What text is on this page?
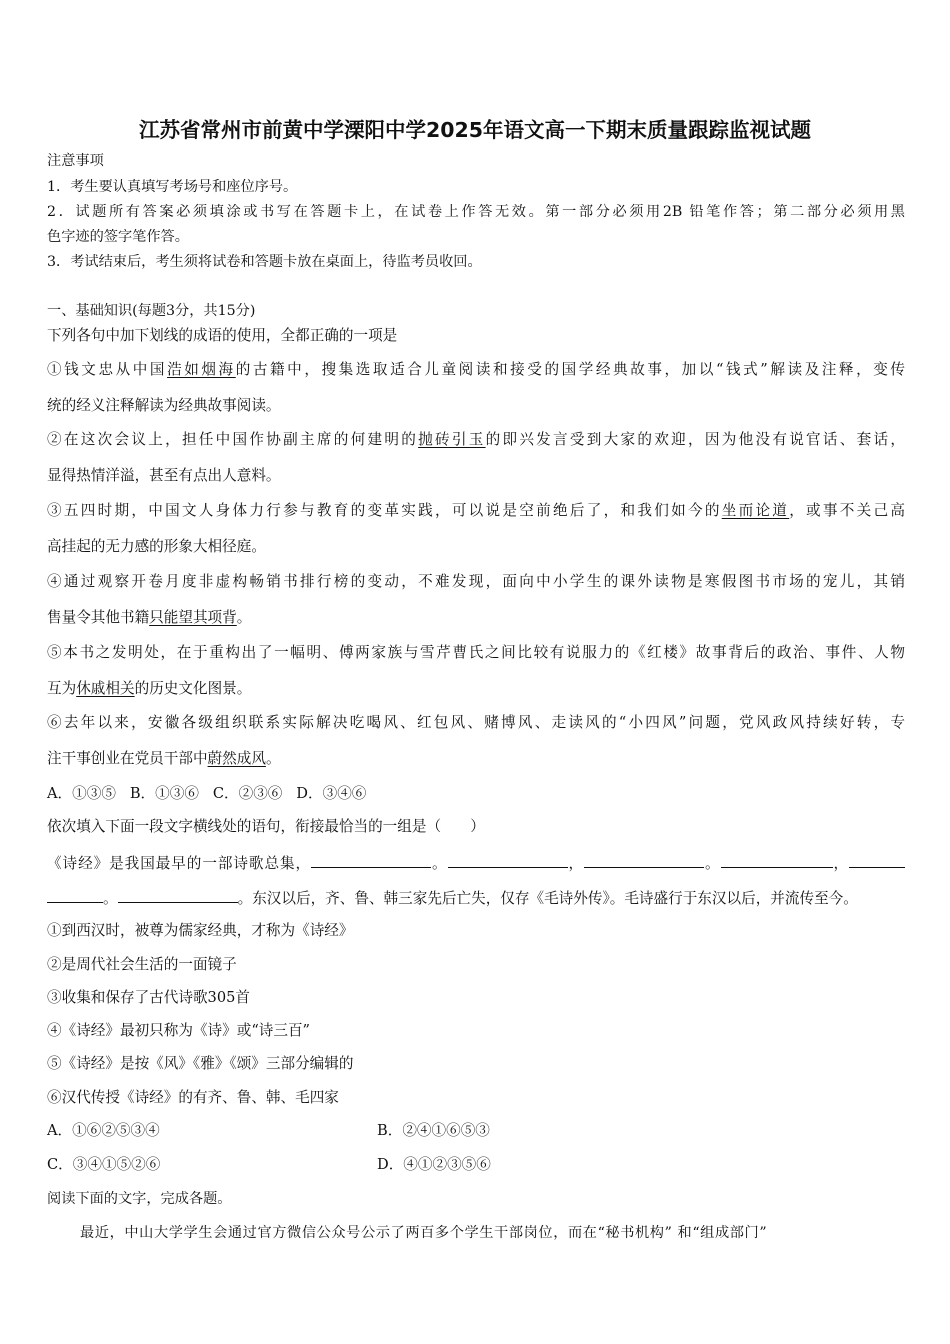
江苏省常州市前黄中学溧阳中学2025年语文高一下期末质量跟踪监视试题
注意事项
1．考生要认真填写考场号和座位序号。
2．试题所有答案必须填涂或书写在答题卡上，在试卷上作答无效。第一部分必须用2B 铅笔作答；第二部分必须用黑
色字迹的签字笔作答。
3．考试结束后，考生须将试卷和答题卡放在桌面上，待监考员收回。
一、基础知识(每题3分，共15分)
下列各句中加下划线的成语的使用，全都正确的一项是
①钱文忠从中国浩如烟海的古籍中，搜集选取适合儿童阅读和接受的国学经典故事，加以“钱式”解读及注释，变传
统的经义注释解读为经典故事阅读。
②在这次会议上，担任中国作协副主席的何建明的抛砖引玉的即兴发言受到大家的欢迎，因为他没有说官话、套话，
显得热情洋溢，甚至有点出人意料。
③五四时期，中国文人身体力行参与教育的变革实践，可以说是空前绝后了，和我们如今的坐而论道，或事不关己高
高挂起的无力感的形象大相径庭。
④通过观察开卷月度非虚构畅销书排行榜的变动，不难发现，面向中小学生的课外读物是寒假图书市场的宠儿，其销
售量令其他书籍只能望其项背。
⑤本书之发明处，在于重构出了一幅明、傅两家族与雪芹曹氏之间比较有说服力的《红楼》故事背后的政治、事件、人物
互为休戚相关的历史文化图景。
⑥去年以来，安徽各级组织联系实际解决吃喝风、红包风、赌博风、走读风的“小四风”问题，党风政风持续好转，专
注干事创业在党员干部中蔚然成风。
A．①③⑤   B．①③⑥   C．②③⑥   D．③④⑥
依次填入下面一段文字横线处的语句，衔接最恰当的一组是（　　）
《诗经》是我国最早的一部诗歌总集，	。	，	。	，
。	。东汉以后，齐、鲁、韩三家先后亡失，仅存《毛诗外传》。毛诗盛行于东汉以后，并流传至今。
①到西汉时，被尊为儒家经典，才称为《诗经》
②是周代社会生活的一面镜子
③收集和保存了古代诗歌305首
④《诗经》最初只称为《诗》或“诗三百”
⑤《诗经》是按《风》《雅》《颂》三部分编辑的
⑥汉代传授《诗经》的有齐、鲁、韩、毛四家
A．①⑥②⑤③④	B．②④①⑥⑤③
C．③④①⑤②⑥	D．④①②③⑤⑥
阅读下面的文字，完成各题。
最近，中山大学学生会通过官方微信公众号公示了两百多个学生干部岗位，而在“秘书机构” 和“组成部门”
